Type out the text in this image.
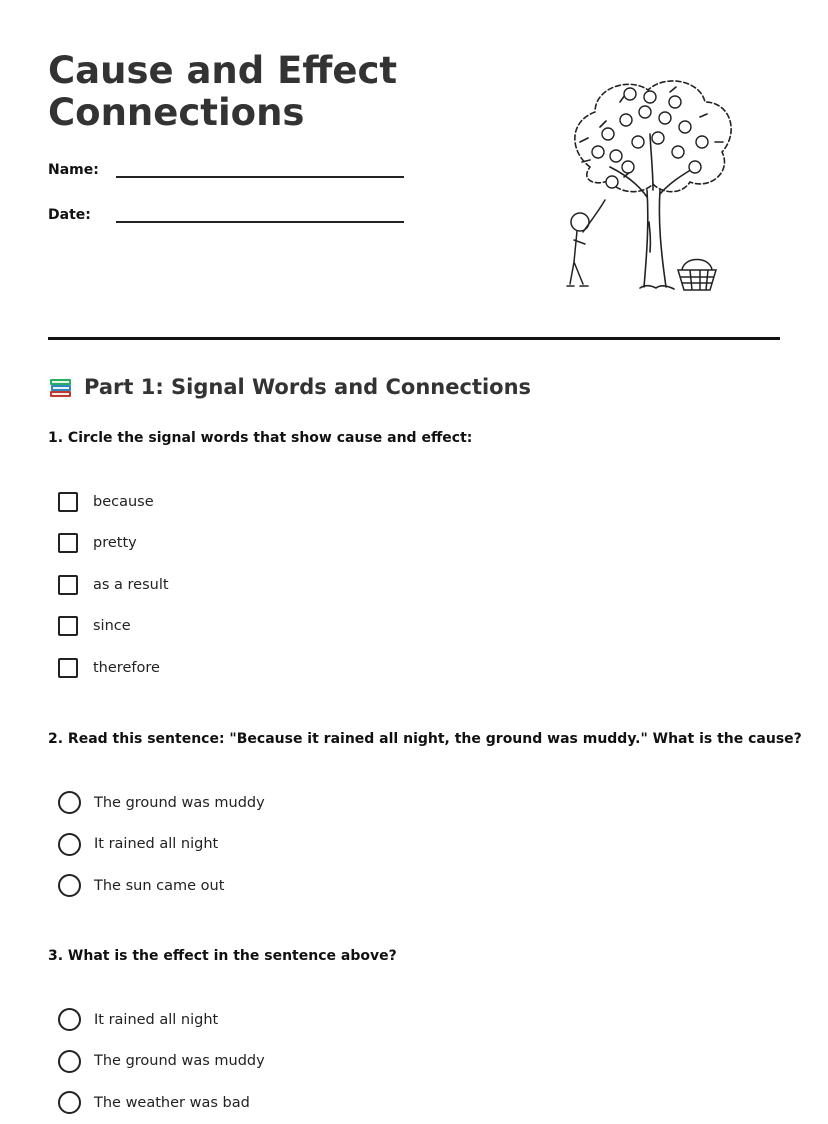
Cause and Effect Connections
Name:
Date:
Part 1: Signal Words and Connections

1. Circle the signal words that show cause and effect:

because
pretty
as a result
since
therefore

2. Read this sentence: "Because it rained all night, the ground was muddy." What is the cause?

The ground was muddy
It rained all night
The sun came out

3. What is the effect in the sentence above?

It rained all night
The ground was muddy
The weather was bad
